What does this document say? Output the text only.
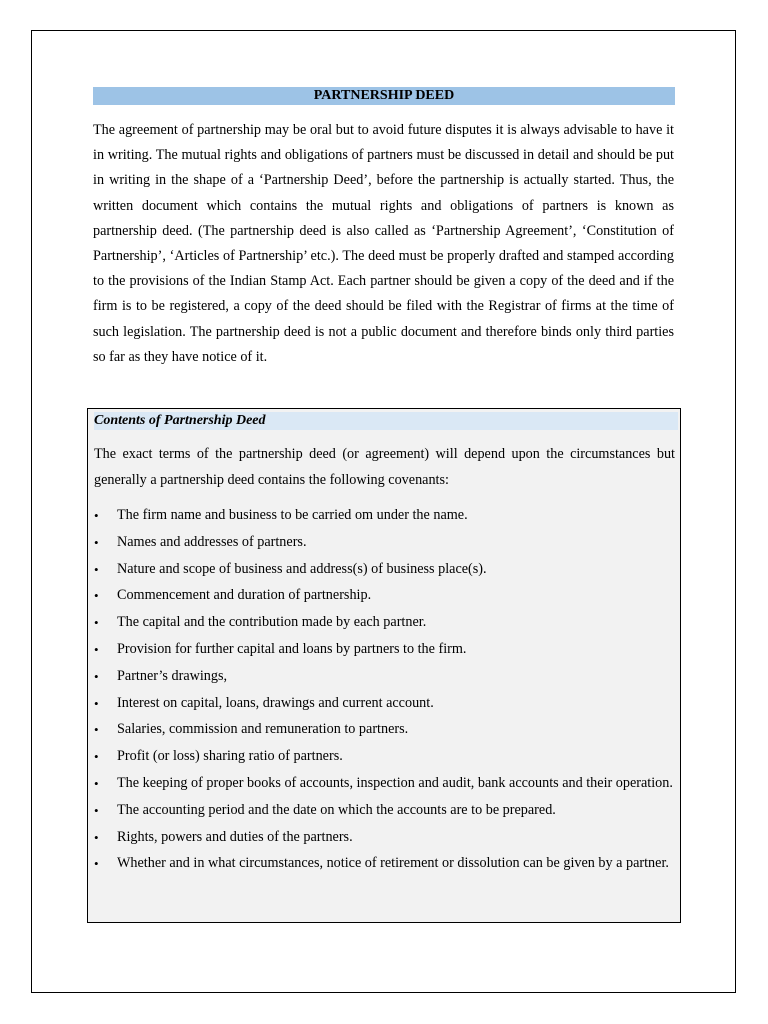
PARTNERSHIP DEED

The agreement of partnership may be oral but to avoid future disputes it is always advisable to have it in writing. The mutual rights and obligations of partners must be discussed in detail and should be put in writing in the shape of a ‘Partnership Deed’, before the partnership is actually started. Thus, the written document which contains the mutual rights and obligations of partners is known as partnership deed. (The partnership deed is also called as ‘Partnership Agreement’, ‘Constitution of Partnership’, ‘Articles of Partnership’ etc.). The deed must be properly drafted and stamped according to the provisions of the Indian Stamp Act. Each partner should be given a copy of the deed and if the firm is to be registered, a copy of the deed should be filed with the Registrar of firms at the time of such legislation. The partnership deed is not a public document and therefore binds only third parties so far as they have notice of it.

Contents of Partnership Deed

The exact terms of the partnership deed (or agreement) will depend upon the circumstances but generally a partnership deed contains the following covenants:

• The firm name and business to be carried om under the name.
• Names and addresses of partners.
• Nature and scope of business and address(s) of business place(s).
• Commencement and duration of partnership.
• The capital and the contribution made by each partner.
• Provision for further capital and loans by partners to the firm.
• Partner’s drawings,
• Interest on capital, loans, drawings and current account.
• Salaries, commission and remuneration to partners.
• Profit (or loss) sharing ratio of partners.
• The keeping of proper books of accounts, inspection and audit, bank accounts and their operation.
• The accounting period and the date on which the accounts are to be prepared.
• Rights, powers and duties of the partners.
• Whether and in what circumstances, notice of retirement or dissolution can be given by a partner.
